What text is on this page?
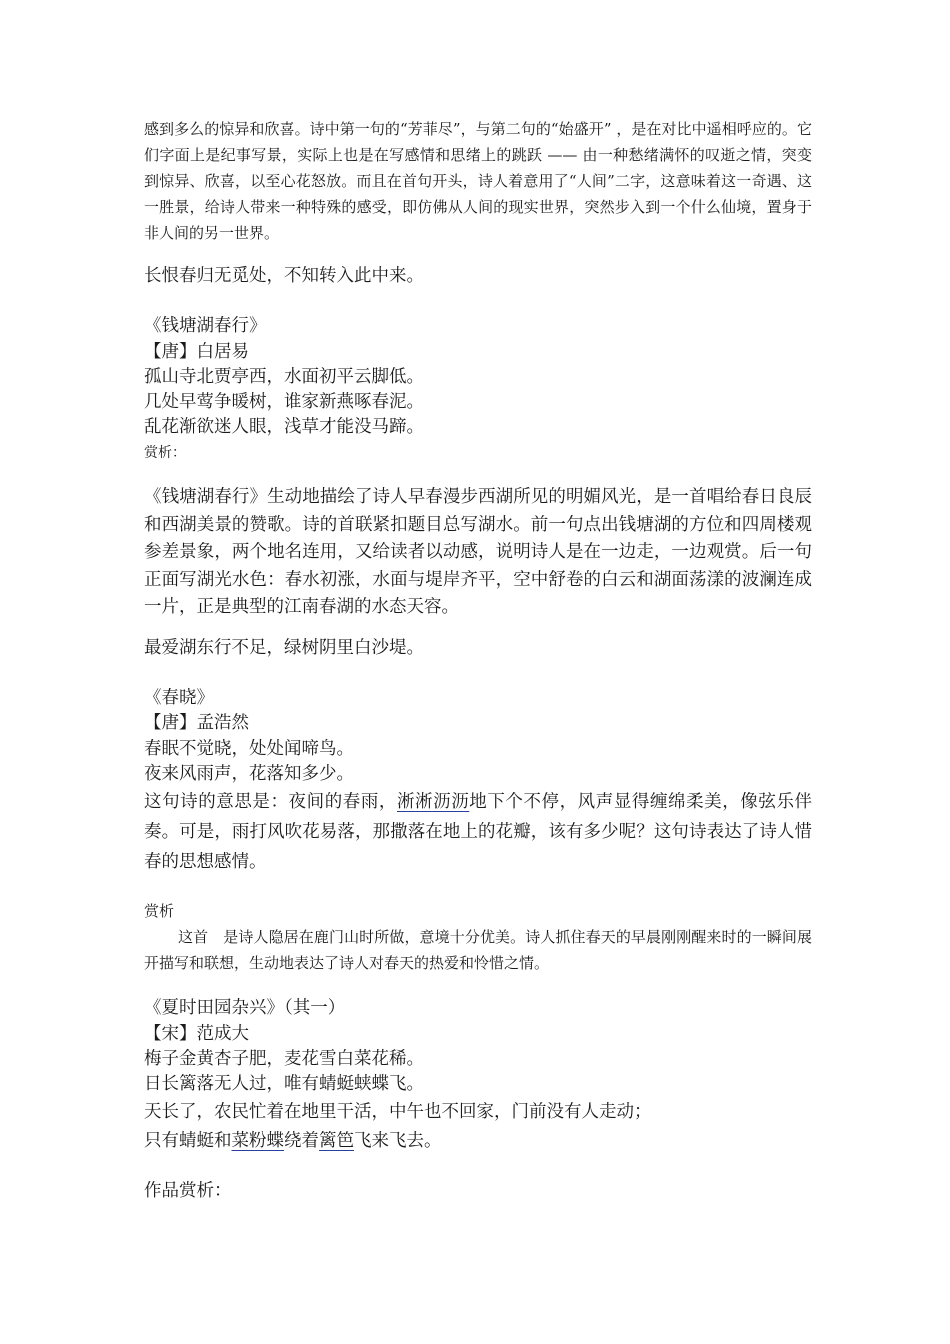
感到多么的惊异和欣喜。诗中第一句的“芳菲尽”，与第二句的“始盛开” ，是在对比中遥相呼应的。它们字面上是纪事写景，实际上也是在写感情和思绪上的跳跃 —— 由一种愁绪满怀的叹逝之情，突变到惊异、欣喜，以至心花怒放。而且在首句开头，诗人着意用了“人间”二字，这意味着这一奇遇、这一胜景，给诗人带来一种特殊的感受，即仿佛从人间的现实世界，突然步入到一个什么仙境，置身于非人间的另一世界。

长恨春归无觅处，不知转入此中来。

《钱塘湖春行》

【唐】白居易

孤山寺北贾亭西，水面初平云脚低。

几处早莺争暖树，谁家新燕啄春泥。

乱花渐欲迷人眼，浅草才能没马蹄。

赏析：

《钱塘湖春行》生动地描绘了诗人早春漫步西湖所见的明媚风光，是一首唱给春日良辰和西湖美景的赞歌。诗的首联紧扣题目总写湖水。前一句点出钱塘湖的方位和四周楼观参差景象，两个地名连用，又给读者以动感，说明诗人是在一边走，一边观赏。后一句正面写湖光水色：春水初涨，水面与堤岸齐平，空中舒卷的白云和湖面荡漾的波澜连成一片，正是典型的江南春湖的水态天容。

最爱湖东行不足，绿树阴里白沙堤。

《春晓》

【唐】孟浩然

春眠不觉晓，处处闻啼鸟。

夜来风雨声，花落知多少。

这句诗的意思是：夜间的春雨，淅淅沥沥地下个不停，风声显得缠绵柔美，像弦乐伴奏。可是，雨打风吹花易落，那撒落在地上的花瓣，该有多少呢？这句诗表达了诗人惜春的思想感情。

赏析

这首　是诗人隐居在鹿门山时所做，意境十分优美。诗人抓住春天的早晨刚刚醒来时的一瞬间展开描写和联想，生动地表达了诗人对春天的热爱和怜惜之情。

《夏时田园杂兴》（其一）

【宋】范成大

梅子金黄杏子肥，麦花雪白菜花稀。

日长篱落无人过，唯有蜻蜓蛱蝶飞。

天长了，农民忙着在地里干活，中午也不回家，门前没有人走动；

只有蜻蜓和菜粉蝶绕着篱笆飞来飞去。

作品赏析：
